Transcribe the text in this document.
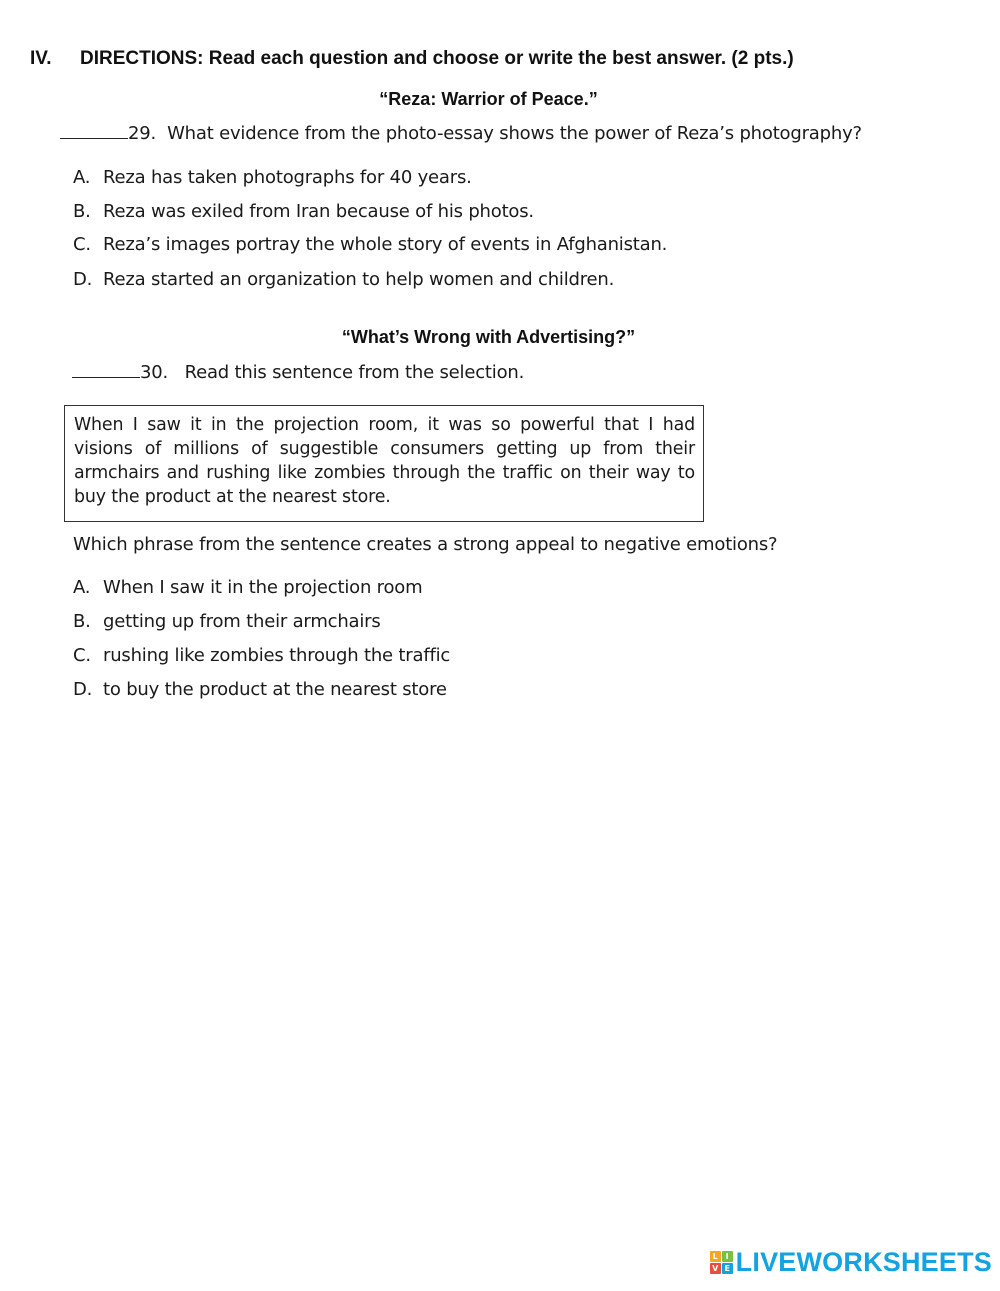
IV. DIRECTIONS: Read each question and choose or write the best answer. (2 pts.)
“Reza: Warrior of Peace.”
29. What evidence from the photo-essay shows the power of Reza’s photography?
A. Reza has taken photographs for 40 years.
B. Reza was exiled from Iran because of his photos.
C. Reza’s images portray the whole story of events in Afghanistan.
D. Reza started an organization to help women and children.
“What’s Wrong with Advertising?”
30. Read this sentence from the selection.
When I saw it in the projection room, it was so powerful that I had visions of millions of suggestible consumers getting up from their armchairs and rushing like zombies through the traffic on their way to buy the product at the nearest store.
Which phrase from the sentence creates a strong appeal to negative emotions?
A. When I saw it in the projection room
B. getting up from their armchairs
C. rushing like zombies through the traffic
D. to buy the product at the nearest store
L I
V E LIVEWORKSHEETS
